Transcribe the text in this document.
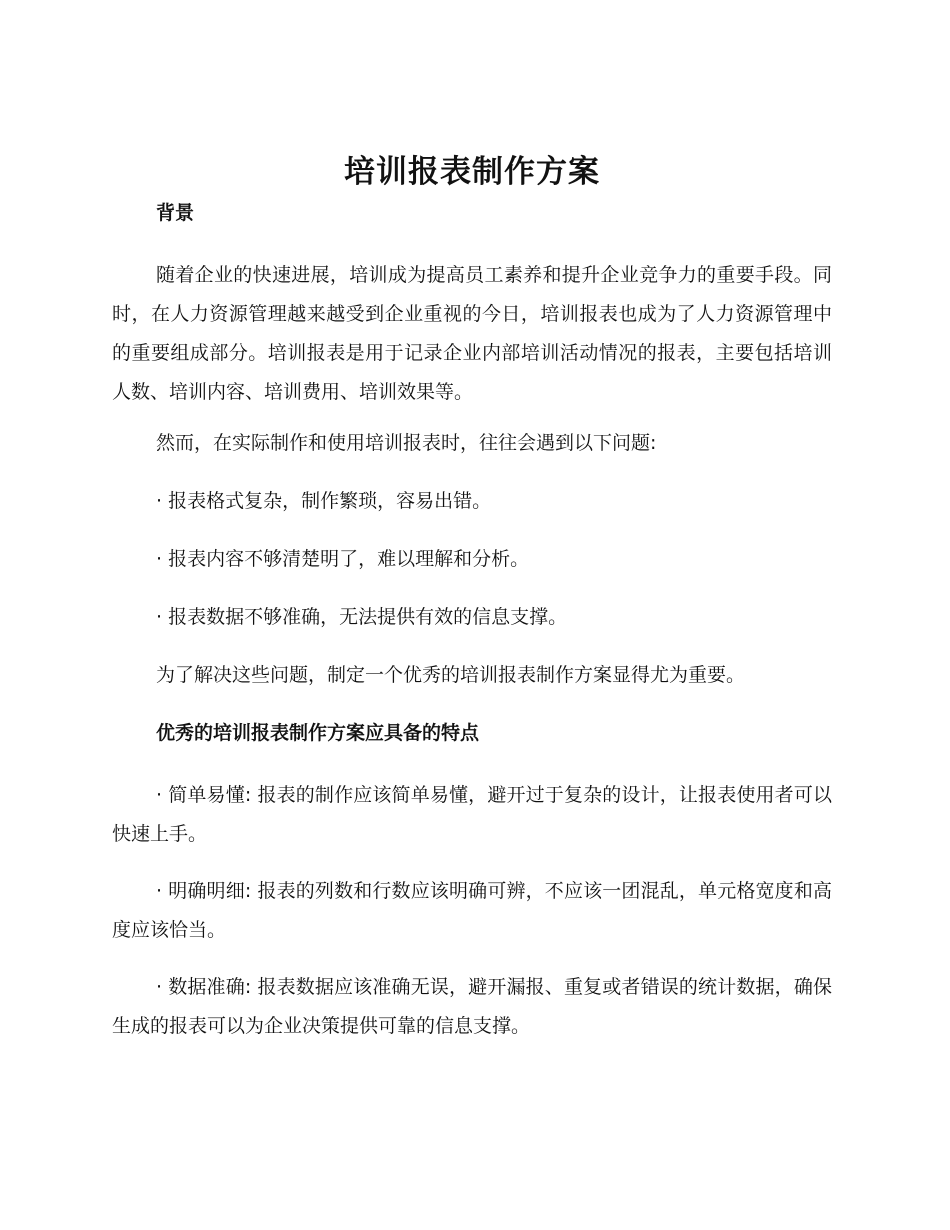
培训报表制作方案
背景

随着企业的快速进展，培训成为提高员工素养和提升企业竞争力的重要手段。同时，在人力资源管理越来越受到企业重视的今日，培训报表也成为了人力资源管理中的重要组成部分。培训报表是用于记录企业内部培训活动情况的报表，主要包括培训人数、培训内容、培训费用、培训效果等。

然而，在实际制作和使用培训报表时，往往会遇到以下问题:

· 报表格式复杂，制作繁琐，容易出错。

· 报表内容不够清楚明了，难以理解和分析。

· 报表数据不够准确，无法提供有效的信息支撑。

为了解决这些问题，制定一个优秀的培训报表制作方案显得尤为重要。

优秀的培训报表制作方案应具备的特点

· 简单易懂: 报表的制作应该简单易懂，避开过于复杂的设计，让报表使用者可以快速上手。

· 明确明细: 报表的列数和行数应该明确可辨，不应该一团混乱，单元格宽度和高度应该恰当。

· 数据准确: 报表数据应该准确无误，避开漏报、重复或者错误的统计数据，确保生成的报表可以为企业决策提供可靠的信息支撑。
